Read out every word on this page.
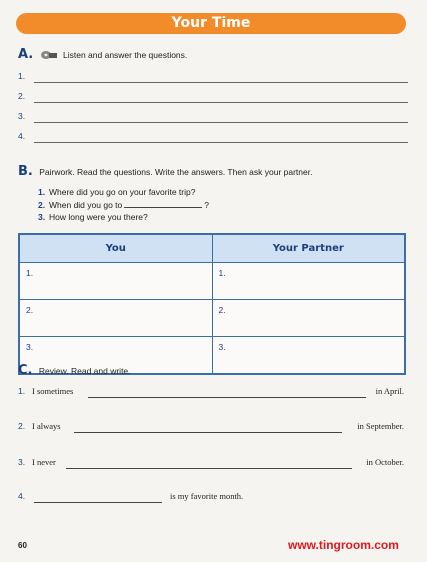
Your Time
A.	Listen and answer the questions.
1.
2.
3.
4.
B. Pairwork. Read the questions. Write the answers. Then ask your partner.
1. Where did you go on your favorite trip?
2. When did you go to	?
3. How long were you there?
You	Your Partner
1.	1.
2.	2.
3.	3.
C. Review. Read and write.
1. I sometimes	in April.
2. I always	in September.
3. I never	in October.
4.	is my favorite month.
60	www.tingroom.com
